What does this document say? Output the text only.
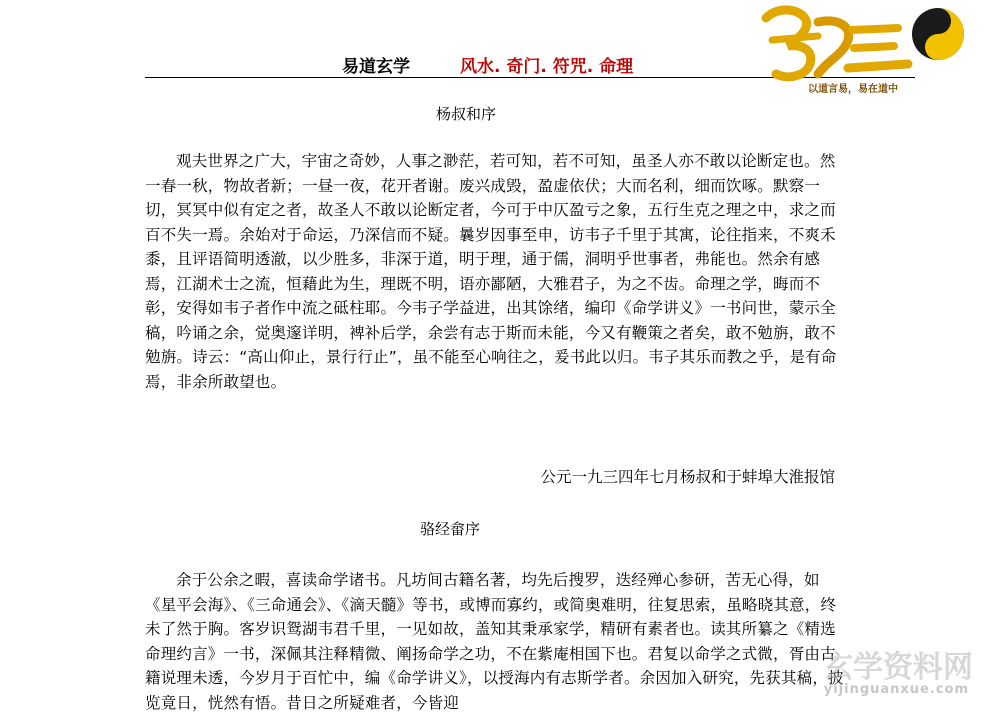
易道玄学	风水. 奇门. 符咒. 命理
以道言易，易在道中
杨叔和序
观夫世界之广大，宇宙之奇妙，人事之渺茫，若可知，若不可知，虽圣人亦不敢以论断定也。然一春一秋，物故者新；一昼一夜，花开者谢。废兴成毁，盈虚依伏；大而名利，细而饮啄。默察一切，冥冥中似有定之者，故圣人不敢以论断定者，今可于中仄盈亏之象，五行生克之理之中，求之而百不失一焉。余始对于命运，乃深信而不疑。曩岁因事至申，访韦子千里于其寓，论往指来，不爽禾黍，且评语简明透澈，以少胜多，非深于道，明于理，通于儒，洞明乎世事者，弗能也。然余有感焉，江湖术士之流，恒藉此为生，理既不明，语亦鄙陋，大雅君子，为之不齿。命理之学，晦而不彰，安得如韦子者作中流之砥柱耶。今韦子学益进，出其馀绪，编印《命学讲义》一书问世，蒙示全稿，吟诵之余，觉奥邃详明，裨补后学，余尝有志于斯而未能，今又有鞭策之者矣，敢不勉旃，敢不勉旃。诗云：“高山仰止，景行行止”，虽不能至心响往之，爰书此以归。韦子其乐而教之乎，是有命焉，非余所敢望也。
公元一九三四年七月杨叔和于蚌埠大淮报馆
骆经畲序
余于公余之暇，喜读命学诸书。凡坊间古籍名著，均先后搜罗，迭经殚心参研，苦无心得，如《星平会海》、《三命通会》、《滴天髓》等书，或博而寡约，或简奥难明，往复思索，虽略晓其意，终未了然于胸。客岁识鸳湖韦君千里，一见如故，盖知其秉承家学，精研有素者也。读其所纂之《精选命理约言》一书，深佩其注释精微、阐扬命学之功，不在紫庵相国下也。君复以命学之式微，胥由古籍说理未透，今岁月于百忙中，编《命学讲义》，以授海内有志斯学者。余因加入研究，先获其稿，披览竟日，恍然有悟。昔日之所疑难者，今皆迎
玄学资料网
yijinguanxue.com
